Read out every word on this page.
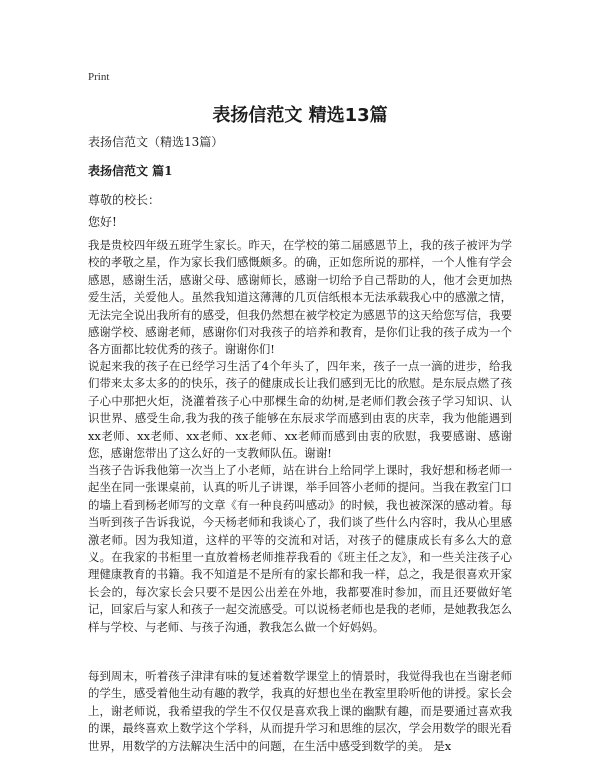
Print
表扬信范文 精选13篇
表扬信范文（精选13篇）
表扬信范文 篇1
尊敬的校长：
您好!
我是贵校四年级五班学生家长。昨天，在学校的第二届感恩节上，我的孩子被评为学校的孝敬之星，作为家长我们感慨颇多。的确，正如您所说的那样，一个人惟有学会感恩，感谢生活，感谢父母、感谢师长，感谢一切给予自己帮助的人，他才会更加热爱生活，关爱他人。虽然我知道这薄薄的几页信纸根本无法承载我心中的感激之情，无法完全说出我所有的感受，但我仍然想在被学校定为感恩节的这天给您写信，我要感谢学校、感谢老师，感谢你们对我孩子的培养和教育，是你们让我的孩子成为一个各方面都比较优秀的孩子。谢谢你们!
说起来我的孩子在已经学习生活了4个年头了，四年来，孩子一点一滴的进步，给我们带来太多太多的的快乐，孩子的健康成长让我们感到无比的欣慰。是东辰点燃了孩子心中那把火炬，浇灌着孩子心中那棵生命的幼树,是老师们教会孩子学习知识、认识世界、感受生命,我为我的孩子能够在东辰求学而感到由衷的庆幸，我为他能遇到xx老师、xx老师、xx老师、xx老师、xx老师而感到由衷的欣慰，我要感谢、感谢您，感谢您带出了这么好的一支教师队伍。谢谢!
当孩子告诉我他第一次当上了小老师，站在讲台上给同学上课时，我好想和杨老师一起坐在同一张课桌前，认真的听儿子讲课，举手回答小老师的提问。当我在教室门口的墙上看到杨老师写的文章《有一种良药叫感动》的时候，我也被深深的感动着。每当听到孩子告诉我说，今天杨老师和我谈心了，我们谈了些什么内容时，我从心里感激老师。因为我知道，这样的平等的交流和对话，对孩子的健康成长有多么大的意义。在我家的书柜里一直放着杨老师推荐我看的《班主任之友》，和一些关注孩子心理健康教育的书籍。我不知道是不是所有的家长都和我一样，总之，我是很喜欢开家长会的，每次家长会只要不是因公出差在外地，我都要准时参加，而且还要做好笔记，回家后与家人和孩子一起交流感受。可以说杨老师也是我的老师，是她教我怎么样与学校、与老师、与孩子沟通，教我怎么做一个好妈妈。
每到周末，听着孩子津津有味的复述着数学课堂上的情景时，我觉得我也在当谢老师的学生，感受着他生动有趣的教学，我真的好想也坐在教室里聆听他的讲授。家长会上，谢老师说，我希望我的学生不仅仅是喜欢我上课的幽默有趣，而是要通过喜欢我的课，最终喜欢上数学这个学科，从而提升学习和思维的层次，学会用数学的眼光看世界，用数学的方法解决生活中的问题，在生活中感受到数学的美。 是x
